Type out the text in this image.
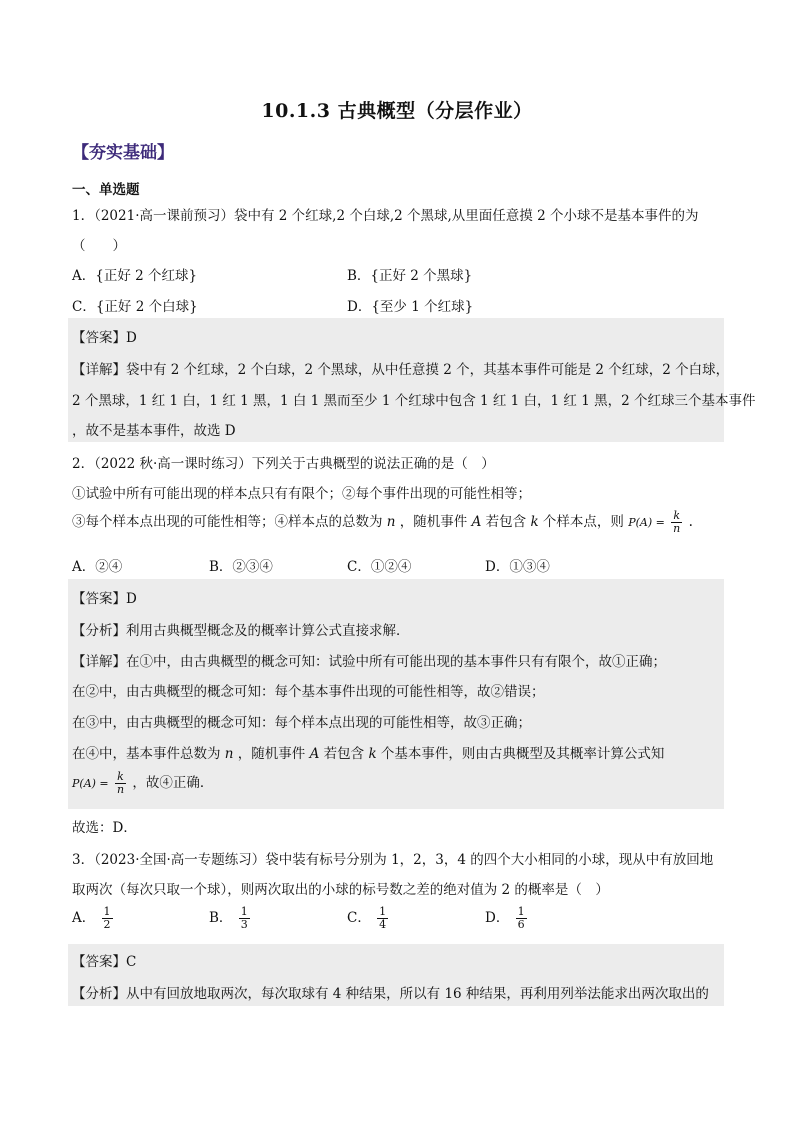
10.1.3 古典概型（分层作业）
【夯实基础】
一、单选题
1．（2021·高一课前预习）袋中有 2 个红球,2 个白球,2 个黑球,从里面任意摸 2 个小球不是基本事件的为
（　　）
A．{正好 2 个红球}	B．{正好 2 个黑球}
C．{正好 2 个白球}	D．{至少 1 个红球}
【答案】D
【详解】袋中有 2 个红球，2 个白球，2 个黑球，从中任意摸 2 个，其基本事件可能是 2 个红球，2 个白球，
2 个黑球，1 红 1 白，1 红 1 黑，1 白 1 黑而至少 1 个红球中包含 1 红 1 白，1 红 1 黑，2 个红球三个基本事件
，故不是基本事件，故选 D
2．（2022 秋·高一课时练习）下列关于古典概型的说法正确的是（　）
①试验中所有可能出现的样本点只有有限个；②每个事件出现的可能性相等；
③每个样本点出现的可能性相等；④样本点的总数为 n ，随机事件 A 若包含 k 个样本点，则 $P(A) = \frac{k}{n}$ .
A．②④	B．②③④	C．①②④	D．①③④
【答案】D
【分析】利用古典概型概念及的概率计算公式直接求解．
【详解】在①中，由古典概型的概念可知：试验中所有可能出现的基本事件只有有限个，故①正确；
在②中，由古典概型的概念可知：每个基本事件出现的可能性相等，故②错误；
在③中，由古典概型的概念可知：每个样本点出现的可能性相等，故③正确；
在④中，基本事件总数为 n ，随机事件 A 若包含 k 个基本事件，则由古典概型及其概率计算公式知
$P(A) = \frac{k}{n}$ ，故④正确．
故选：D．
3．（2023·全国·高一专题练习）袋中装有标号分别为 1，2，3，4 的四个大小相同的小球，现从中有放回地
取两次（每次只取一个球），则两次取出的小球的标号数之差的绝对值为 2 的概率是（　）
A． $\frac{1}{2}$	B． $\frac{1}{3}$	C． $\frac{1}{4}$	D． $\frac{1}{6}$
【答案】C
【分析】从中有回放地取两次，每次取球有 4 种结果，所以有 16 种结果，再利用列举法能求出两次取出的
